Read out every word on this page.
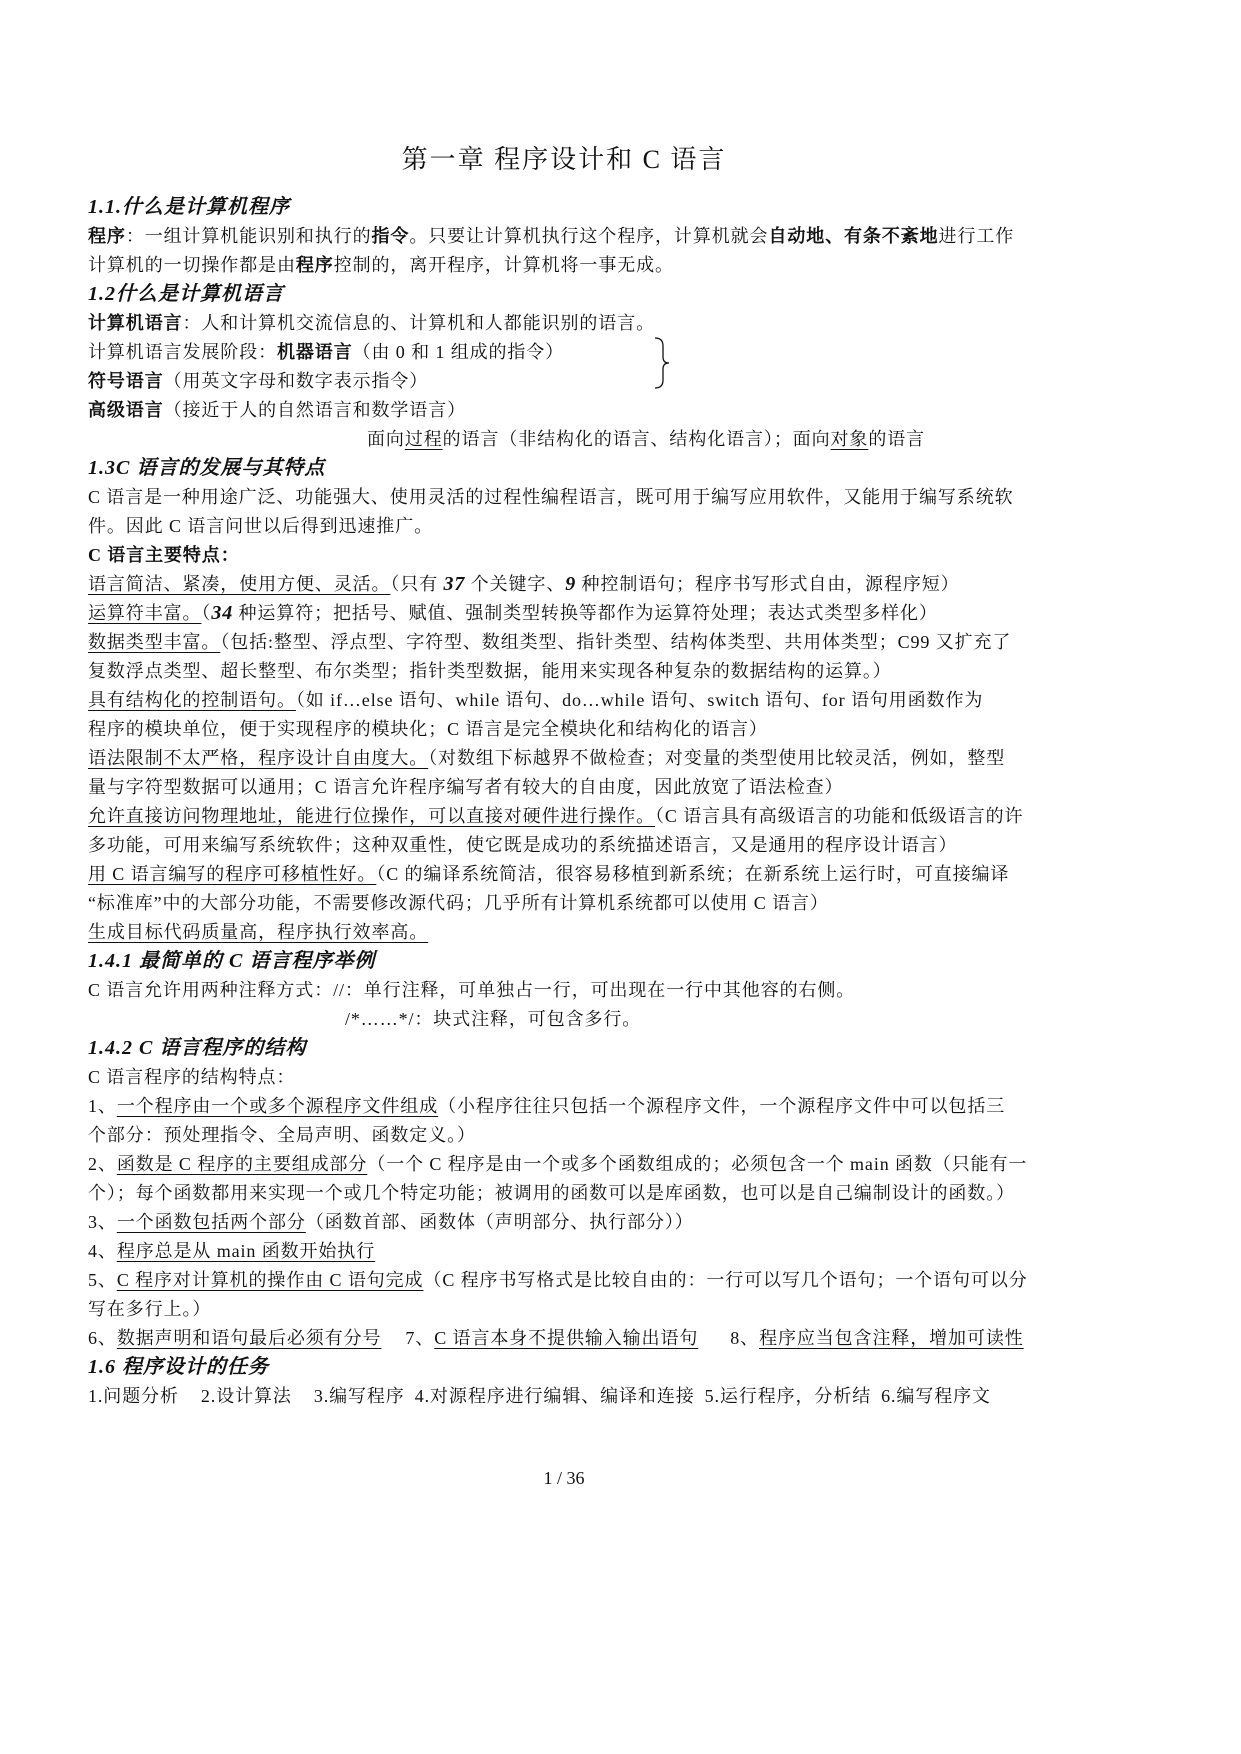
第一章 程序设计和 C 语言
1.1.什么是计算机程序
程序：一组计算机能识别和执行的指令。只要让计算机执行这个程序，计算机就会自动地、有条不紊地进行工作
计算机的一切操作都是由程序控制的，离开程序，计算机将一事无成。
1.2什么是计算机语言
计算机语言：人和计算机交流信息的、计算机和人都能识别的语言。
计算机语言发展阶段：机器语言（由 0 和 1 组成的指令）
符号语言（用英文字母和数字表示指令）
高级语言（接近于人的自然语言和数学语言）
面向过程的语言（非结构化的语言、结构化语言）；面向对象的语言
1.3C 语言的发展与其特点
C 语言是一种用途广泛、功能强大、使用灵活的过程性编程语言，既可用于编写应用软件，又能用于编写系统软
件。因此 C 语言问世以后得到迅速推广。
C 语言主要特点：
语言简洁、紧凑，使用方便、灵活。（只有 37 个关键字、9 种控制语句；程序书写形式自由，源程序短）
运算符丰富。（34 种运算符；把括号、赋值、强制类型转换等都作为运算符处理；表达式类型多样化）
数据类型丰富。（包括:整型、浮点型、字符型、数组类型、指针类型、结构体类型、共用体类型；C99 又扩充了
复数浮点类型、超长整型、布尔类型；指针类型数据，能用来实现各种复杂的数据结构的运算。）
具有结构化的控制语句。（如 if…else 语句、while 语句、do…while 语句、switch 语句、for 语句用函数作为
程序的模块单位，便于实现程序的模块化；C 语言是完全模块化和结构化的语言）
语法限制不太严格，程序设计自由度大。（对数组下标越界不做检查；对变量的类型使用比较灵活，例如，整型
量与字符型数据可以通用；C 语言允许程序编写者有较大的自由度，因此放宽了语法检查）
允许直接访问物理地址，能进行位操作，可以直接对硬件进行操作。（C 语言具有高级语言的功能和低级语言的许
多功能，可用来编写系统软件；这种双重性，使它既是成功的系统描述语言，又是通用的程序设计语言）
用 C 语言编写的程序可移植性好。（C 的编译系统简洁，很容易移植到新系统；在新系统上运行时，可直接编译
“标准库”中的大部分功能，不需要修改源代码；几乎所有计算机系统都可以使用 C 语言）
生成目标代码质量高，程序执行效率高。
1.4.1 最简单的 C 语言程序举例
C 语言允许用两种注释方式：//：单行注释，可单独占一行，可出现在一行中其他容的右侧。
/*……*/：块式注释，可包含多行。
1.4.2 C 语言程序的结构
C 语言程序的结构特点：
1、一个程序由一个或多个源程序文件组成（小程序往往只包括一个源程序文件，一个源程序文件中可以包括三
个部分：预处理指令、全局声明、函数定义。）
2、函数是 C 程序的主要组成部分（一个 C 程序是由一个或多个函数组成的；必须包含一个 main 函数（只能有一
个）；每个函数都用来实现一个或几个特定功能；被调用的函数可以是库函数，也可以是自己编制设计的函数。）
3、一个函数包括两个部分（函数首部、函数体（声明部分、执行部分））
4、程序总是从 main 函数开始执行
5、C 程序对计算机的操作由 C 语句完成（C 程序书写格式是比较自由的：一行可以写几个语句；一个语句可以分
写在多行上。）
6、数据声明和语句最后必须有分号 7、C 语言本身不提供输入输出语句 8、程序应当包含注释，增加可读性
1.6 程序设计的任务
1.问题分析 2.设计算法 3.编写程序 4.对源程序进行编辑、编译和连接 5.运行程序，分析结 6.编写程序文
1 / 36
